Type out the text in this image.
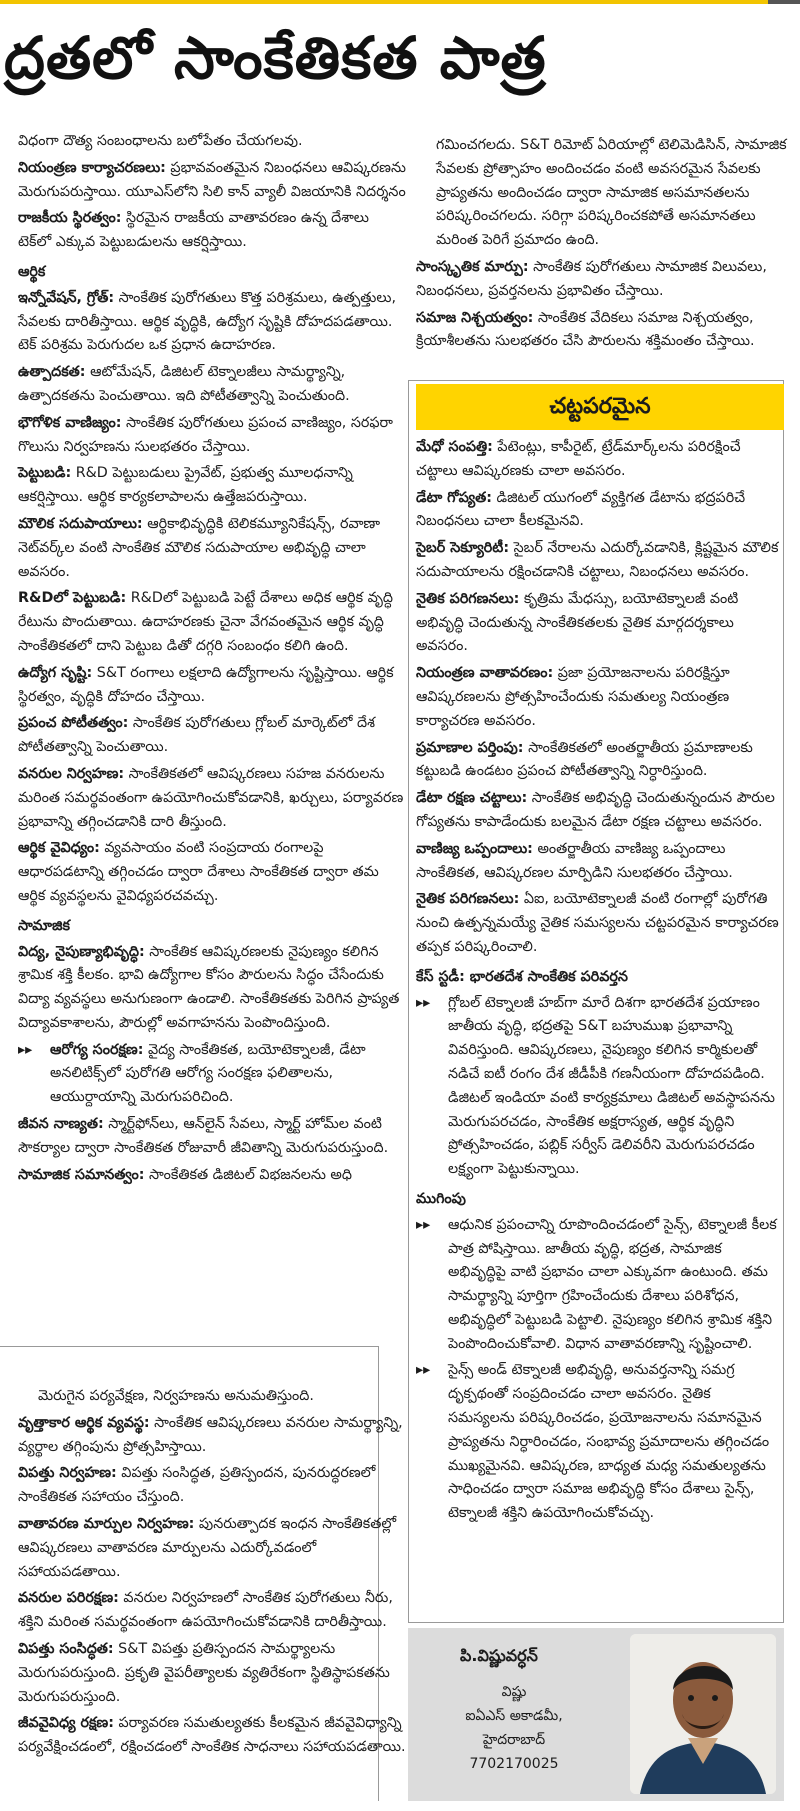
ద్రతలో సాంకేతికత పాత్ర
విధంగా దౌత్య సంబంధాలను బలోపేతం చేయగలవు.
నియంత్రణ కార్యాచరణలు: ప్రభావవంతమైన నిబంధనలు ఆవిష్కరణను మెరుగుపరుస్తాయి. యూఎస్‌లోని సిలి కాన్ వ్యాలీ విజయానికి నిదర్శనం
రాజకీయ స్థిరత్వం: స్థిరమైన రాజకీయ వాతావరణం ఉన్న దేశాలు టెక్‌లో ఎక్కువ పెట్టుబడులను ఆకర్షిస్తాయి.
ఆర్థిక
ఇన్నోవేషన్, గ్రోత్: సాంకేతిక పురోగతులు కొత్త పరిశ్రమలు, ఉత్పత్తులు, సేవలకు దారితీస్తాయి. ఆర్థిక వృద్ధికి, ఉద్యోగ సృష్టికి దోహదపడతాయి. టెక్ పరిశ్రమ పెరుగుదల ఒక ప్రధాన ఉదాహరణ.
ఉత్పాదకత: ఆటోమేషన్, డిజిటల్ టెక్నాలజీలు సామర్థ్యాన్ని, ఉత్పాదకతను పెంచుతాయి. ఇది పోటీతత్వాన్ని పెంచుతుంది.
భౌగోళిక వాణిజ్యం: సాంకేతిక పురోగతులు ప్రపంచ వాణిజ్యం, సరఫరా గొలుసు నిర్వహణను సులభతరం చేస్తాయి.
పెట్టుబడి: R&D పెట్టుబడులు ప్రైవేట్, ప్రభుత్వ మూలధనాన్ని ఆకర్షిస్తాయి. ఆర్థిక కార్యకలాపాలను ఉత్తేజపరుస్తాయి.
మౌలిక సదుపాయాలు: ఆర్థికాభివృద్ధికి టెలికమ్యూనికేషన్స్, రవాణా నెట్‌వర్క్‌ల వంటి సాంకేతిక మౌలిక సదుపాయాల అభివృద్ధి చాలా అవసరం.
R&Dలో పెట్టుబడి: R&Dలో పెట్టుబడి పెట్టే దేశాలు అధిక ఆర్థిక వృద్ధి రేటును పొందుతాయి. ఉదాహరణకు చైనా వేగవంతమైన ఆర్థిక వృద్ధి సాంకేతికతలో దాని పెట్టుబ డితో దగ్గరి సంబంధం కలిగి ఉంది.
ఉద్యోగ సృష్టి: S&T రంగాలు లక్షలాది ఉద్యోగాలను సృష్టిస్తాయి. ఆర్థిక స్థిరత్వం, వృద్ధికి దోహదం చేస్తాయి.
ప్రపంచ పోటీతత్వం: సాంకేతిక పురోగతులు గ్లోబల్ మార్కెట్‌లో దేశ పోటీతత్వాన్ని పెంచుతాయి.
వనరుల నిర్వహణ: సాంకేతికతలో ఆవిష్కరణలు సహజ వనరులను మరింత సమర్థవంతంగా ఉపయోగించుకోవడానికి, ఖర్చులు, పర్యావరణ ప్రభావాన్ని తగ్గించడానికి దారి తీస్తుంది.
ఆర్థిక వైవిధ్యం: వ్యవసాయం వంటి సంప్రదాయ రంగాలపై ఆధారపడటాన్ని తగ్గించడం ద్వారా దేశాలు సాంకేతికత ద్వారా తమ ఆర్థిక వ్యవస్థలను వైవిధ్యపరచవచ్చు.
సామాజిక
విద్య, నైపుణ్యాభివృద్ధి: సాంకేతిక ఆవిష్కరణలకు నైపుణ్యం కలిగిన శ్రామిక శక్తి కీలకం. భావి ఉద్యోగాల కోసం పౌరులను సిద్ధం చేసేందుకు విద్యా వ్యవస్థలు అనుగుణంగా ఉండాలి. సాంకేతికతకు పెరిగిన ప్రాప్యత విద్యావకాశాలను, పౌరుల్లో అవగాహనను పెంపొందిస్తుంది.
▸▸ ఆరోగ్య సంరక్షణ: వైద్య సాంకేతికత, బయోటెక్నాలజీ, డేటా అనలిటిక్స్‌లో పురోగతి ఆరోగ్య సంరక్షణ ఫలితాలను, ఆయుర్దాయాన్ని మెరుగుపరిచింది.
జీవన నాణ్యత: స్మార్ట్‌ఫోన్‌లు, ఆన్‌లైన్ సేవలు, స్మార్ట్ హోమ్‌ల వంటి సౌకర్యాల ద్వారా సాంకేతికత రోజువారీ జీవితాన్ని మెరుగుపరుస్తుంది.
సామాజిక సమానత్వం: సాంకేతికత డిజిటల్ విభజనలను అధి
మెరుగైన పర్యవేక్షణ, నిర్వహణను అనుమతిస్తుంది.
వృత్తాకార ఆర్థిక వ్యవస్థ: సాంకేతిక ఆవిష్కరణలు వనరుల సామర్థ్యాన్ని, వ్యర్థాల తగ్గింపును ప్రోత్సహిస్తాయి.
విపత్తు నిర్వహణ: విపత్తు సంసిద్ధత, ప్రతిస్పందన, పునరుద్ధరణలో సాంకేతికత సహాయం చేస్తుంది.
వాతావరణ మార్పుల నిర్వహణ: పునరుత్పాదక ఇంధన సాంకేతికతల్లో ఆవిష్కరణలు వాతావరణ మార్పులను ఎదుర్కోవడంలో సహాయపడతాయి.
వనరుల పరిరక్షణ: వనరుల నిర్వహణలో సాంకేతిక పురోగతులు నీరు, శక్తిని మరింత సమర్థవంతంగా ఉపయోగించుకోవడానికి దారితీస్తాయి.
విపత్తు సంసిద్ధత: S&T విపత్తు ప్రతిస్పందన సామర్థ్యాలను మెరుగుపరుస్తుంది. ప్రకృతి వైపరీత్యాలకు వ్యతిరేకంగా స్థితిస్థాపకతను మెరుగుపరుస్తుంది.
జీవవైవిధ్య రక్షణ: పర్యావరణ సమతుల్యతకు కీలకమైన జీవవైవిధ్యాన్ని పర్యవేక్షించడంలో, రక్షించడంలో సాంకేతిక సాధనాలు సహాయపడతాయి.
గమించగలదు. S&T రిమోట్ ఏరియాల్లో టెలిమెడిసిన్, సామాజిక సేవలకు ప్రోత్సాహం అందించడం వంటి అవసరమైన సేవలకు ప్రాప్యతను అందించడం ద్వారా సామాజిక అసమానతలను పరిష్కరించగలదు. సరిగ్గా పరిష్కరించకపోతే అసమానతలు మరింత పెరిగే ప్రమాదం ఉంది.
సాంస్కృతిక మార్పు: సాంకేతిక పురోగతులు సామాజిక విలువలు, నిబంధనలు, ప్రవర్తనలను ప్రభావితం చేస్తాయి.
సమాజ నిశ్చయత్వం: సాంకేతిక వేదికలు సమాజ నిశ్చయత్వం, క్రియాశీలతను సులభతరం చేసి పౌరులను శక్తిమంతం చేస్తాయి.
చట్టపరమైన
మేధో సంపత్తి: పేటెంట్లు, కాపీరైట్, ట్రేడ్‌మార్క్‌లను పరిరక్షించే చట్టాలు ఆవిష్కరణకు చాలా అవసరం.
డేటా గోప్యత: డిజిటల్ యుగంలో వ్యక్తిగత డేటాను భద్రపరిచే నిబంధనలు చాలా కీలకమైనవి.
సైబర్ సెక్యూరిటీ: సైబర్ నేరాలను ఎదుర్కోవడానికి, క్లిష్టమైన మౌలిక సదుపాయాలను రక్షించడానికి చట్టాలు, నిబంధనలు అవసరం.
నైతిక పరిగణనలు: కృత్రిమ మేధస్సు, బయోటెక్నాలజీ వంటి అభివృద్ధి చెందుతున్న సాంకేతికతలకు నైతిక మార్గదర్శకాలు అవసరం.
నియంత్రణ వాతావరణం: ప్రజా ప్రయోజనాలను పరిరక్షిస్తూ ఆవిష్కరణలను ప్రోత్సహించేందుకు సమతుల్య నియంత్రణ కార్యాచరణ అవసరం.
ప్రమాణాల పర్తింపు: సాంకేతికతలో అంతర్జాతీయ ప్రమాణాలకు కట్టుబడి ఉండటం ప్రపంచ పోటీతత్వాన్ని నిర్ధారిస్తుంది.
డేటా రక్షణ చట్టాలు: సాంకేతిక అభివృద్ధి చెందుతున్నందున పౌరుల గోప్యతను కాపాడేందుకు బలమైన డేటా రక్షణ చట్టాలు అవసరం.
వాణిజ్య ఒప్పందాలు: అంతర్జాతీయ వాణిజ్య ఒప్పందాలు సాంకేతికత, ఆవిష్కరణల మార్పిడిని సులభతరం చేస్తాయి.
నైతిక పరిగణనలు: ఏఐ, బయోటెక్నాలజీ వంటి రంగాల్లో పురోగతి నుంచి ఉత్పన్నమయ్యే నైతిక సమస్యలను చట్టపరమైన కార్యాచరణ తప్పక పరిష్కరించాలి.
కేస్ స్టడీ: భారతదేశ సాంకేతిక పరివర్తన
▸▸ గ్లోబల్ టెక్నాలజీ హబ్‌గా మారే దిశగా భారతదేశ ప్రయాణం జాతీయ వృద్ధి, భద్రతపై S&T బహుముఖ ప్రభావాన్ని వివరిస్తుంది. ఆవిష్కరణలు, నైపుణ్యం కలిగిన కార్మికులతో నడిచే ఐటీ రంగం దేశ జీడీపీకి గణనీయంగా దోహదపడింది. డిజిటల్ ఇండియా వంటి కార్యక్రమాలు డిజిటల్ అవస్థాపనను మెరుగుపరచడం, సాంకేతిక అక్షరాస్యత, ఆర్థిక వృద్ధిని ప్రోత్సహించడం, పబ్లిక్ సర్వీస్ డెలివరీని మెరుగుపరచడం లక్ష్యంగా పెట్టుకున్నాయి.
ముగింపు
▸▸ ఆధునిక ప్రపంచాన్ని రూపొందించడంలో సైన్స్, టెక్నాలజీ కీలక పాత్ర పోషిస్తాయి. జాతీయ వృద్ధి, భద్రత, సామాజిక అభివృద్ధిపై వాటి ప్రభావం చాలా ఎక్కువగా ఉంటుంది. తమ సామర్థ్యాన్ని పూర్తిగా గ్రహించేందుకు దేశాలు పరిశోధన, అభివృద్ధిలో పెట్టుబడి పెట్టాలి. నైపుణ్యం కలిగిన శ్రామిక శక్తిని పెంపొందించుకోవాలి. విధాన వాతావరణాన్ని సృష్టించాలి.
▸▸ సైన్స్ అండ్ టెక్నాలజీ అభివృద్ధి, అనువర్తనాన్ని సమగ్ర దృక్పథంతో సంప్రదించడం చాలా అవసరం. నైతిక సమస్యలను పరిష్కరించడం, ప్రయోజనాలను సమానమైన ప్రాప్యతను నిర్ధారించడం, సంభావ్య ప్రమాదాలను తగ్గించడం ముఖ్యమైనవి. ఆవిష్కరణ, బాధ్యత మధ్య సమతుల్యతను సాధించడం ద్వారా సమాజ అభివృద్ధి కోసం దేశాలు సైన్స్, టెక్నాలజీ శక్తిని ఉపయోగించుకోవచ్చు.
పి.విష్ణువర్ధన్
విష్ణు
ఐఏఎస్ అకాడమీ,
హైదరాబాద్
7702170025
